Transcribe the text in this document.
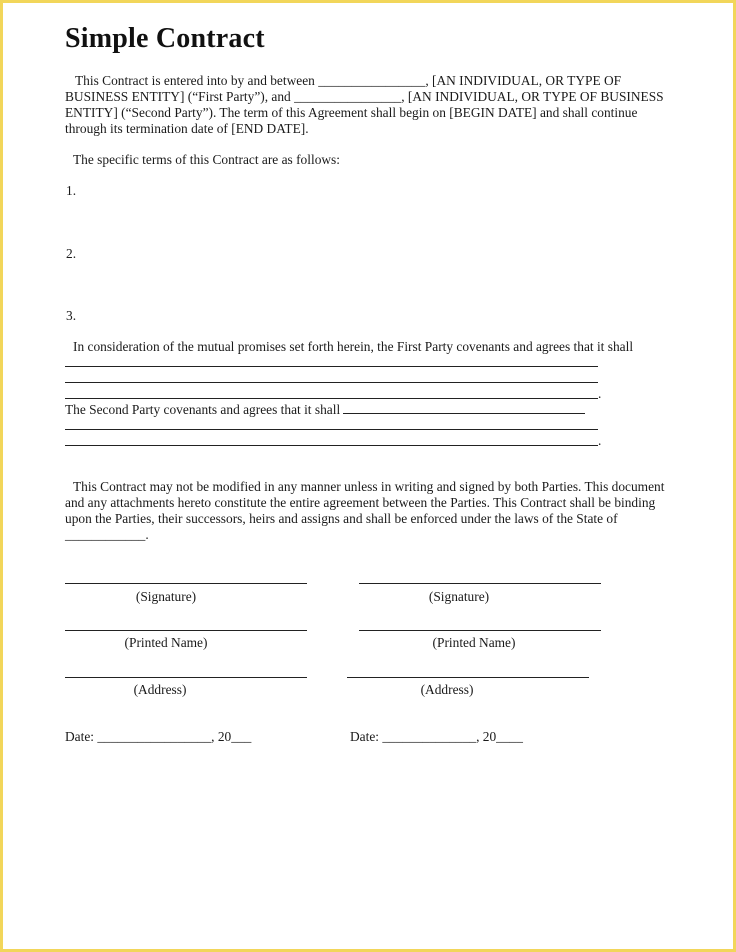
Simple Contract
This Contract is entered into by and between ________________, [AN INDIVIDUAL, OR TYPE OF
BUSINESS ENTITY] (“First Party”), and ________________, [AN INDIVIDUAL, OR TYPE OF BUSINESS
ENTITY] (“Second Party”). The term of this Agreement shall begin on [BEGIN DATE] and shall continue
through its termination date of [END DATE].
The specific terms of this Contract are as follows:
1.
2.
3.
In consideration of the mutual promises set forth herein, the First Party covenants and agrees that it shall
.
The Second Party covenants and agrees that it shall
.
This Contract may not be modified in any manner unless in writing and signed by both Parties. This document
and any attachments hereto constitute the entire agreement between the Parties. This Contract shall be binding
upon the Parties, their successors, heirs and assigns and shall be enforced under the laws of the State of
____________.
(Signature)	(Signature)
(Printed Name)	(Printed Name)
(Address)	(Address)
Date: _________________, 20___	Date: ______________, 20____
